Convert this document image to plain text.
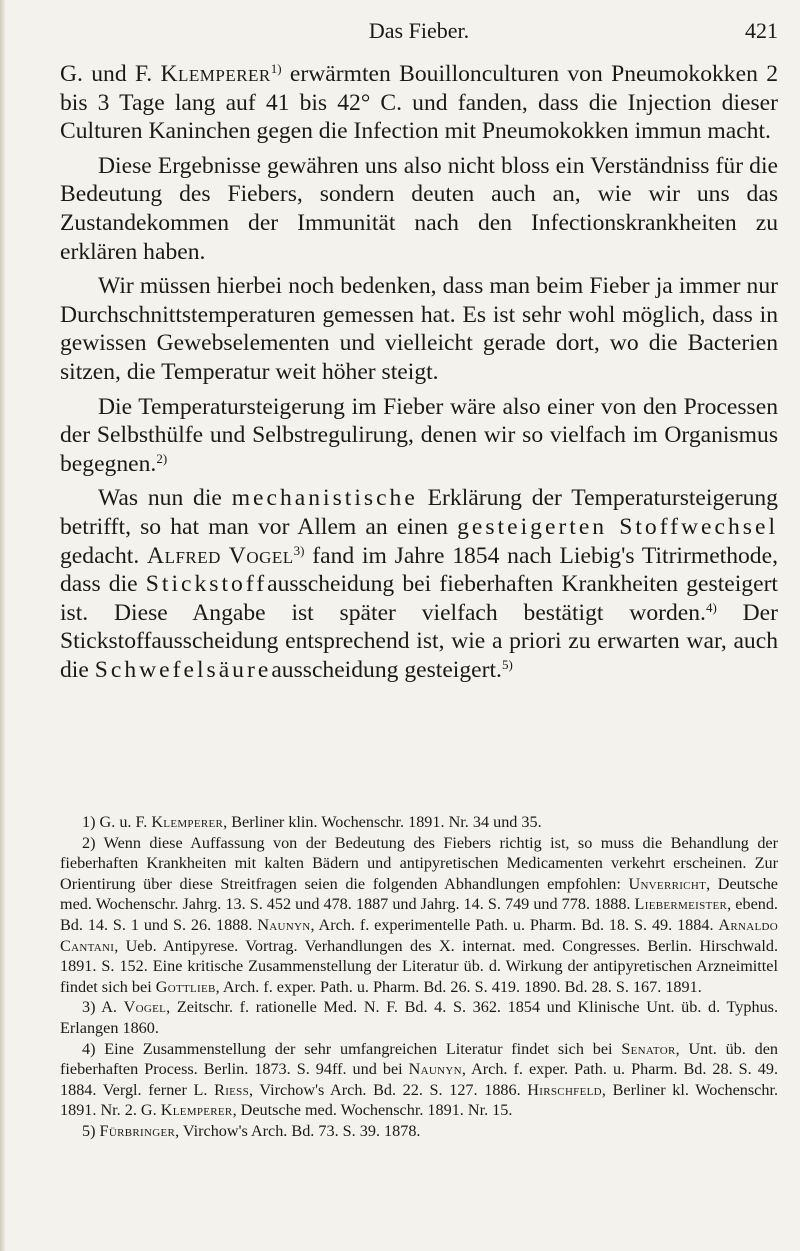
Das Fieber.	421

G. und F. Klemperer$^{1)}$ erwärmten Bouillonculturen von Pneumokokken 2 bis 3 Tage lang auf 41 bis 42° C. und fanden, dass die Injection dieser Culturen Kaninchen gegen die Infection mit Pneumokokken immun macht.

Diese Ergebnisse gewähren uns also nicht bloss ein Verständniss für die Bedeutung des Fiebers, sondern deuten auch an, wie wir uns das Zustandekommen der Immunität nach den Infectionskrankheiten zu erklären haben.

Wir müssen hierbei noch bedenken, dass man beim Fieber ja immer nur Durchschnittstemperaturen gemessen hat. Es ist sehr wohl möglich, dass in gewissen Gewebselementen und vielleicht gerade dort, wo die Bacterien sitzen, die Temperatur weit höher steigt.

Die Temperatursteigerung im Fieber wäre also einer von den Processen der Selbsthülfe und Selbstregulirung, denen wir so vielfach im Organismus begegnen.$^{2)}$

Was nun die mechanistische Erklärung der Temperatursteigerung betrifft, so hat man vor Allem an einen gesteigerten Stoffwechsel gedacht. Alfred Vogel$^{3)}$ fand im Jahre 1854 nach Liebig's Titrirmethode, dass die Stickstoffausscheidung bei fieberhaften Krankheiten gesteigert ist. Diese Angabe ist später vielfach bestätigt worden.$^{4)}$ Der Stickstoffausscheidung entsprechend ist, wie a priori zu erwarten war, auch die Schwefelsäureausscheidung gesteigert.$^{5)}$

1) G. u. F. Klemperer, Berliner klin. Wochenschr. 1891. Nr. 34 und 35.

2) Wenn diese Auffassung von der Bedeutung des Fiebers richtig ist, so muss die Behandlung der fieberhaften Krankheiten mit kalten Bädern und antipyretischen Medicamenten verkehrt erscheinen. Zur Orientirung über diese Streitfragen seien die folgenden Abhandlungen empfohlen: Unverricht, Deutsche med. Wochenschr. Jahrg. 13. S. 452 und 478. 1887 und Jahrg. 14. S. 749 und 778. 1888. Liebermeister, ebend. Bd. 14. S. 1 und S. 26. 1888. Naunyn, Arch. f. experimentelle Path. u. Pharm. Bd. 18. S. 49. 1884. Arnaldo Cantani, Ueb. Antipyrese. Vortrag. Verhandlungen des X. internat. med. Congresses. Berlin. Hirschwald. 1891. S. 152. Eine kritische Zusammenstellung der Literatur üb. d. Wirkung der antipyretischen Arzneimittel findet sich bei Gottlieb, Arch. f. exper. Path. u. Pharm. Bd. 26. S. 419. 1890. Bd. 28. S. 167. 1891.

3) A. Vogel, Zeitschr. f. rationelle Med. N. F. Bd. 4. S. 362. 1854 und Klinische Unt. üb. d. Typhus. Erlangen 1860.

4) Eine Zusammenstellung der sehr umfangreichen Literatur findet sich bei Senator, Unt. üb. den fieberhaften Process. Berlin. 1873. S. 94ff. und bei Naunyn, Arch. f. exper. Path. u. Pharm. Bd. 28. S. 49. 1884. Vergl. ferner L. Riess, Virchow's Arch. Bd. 22. S. 127. 1886. Hirschfeld, Berliner kl. Wochenschr. 1891. Nr. 2. G. Klemperer, Deutsche med. Wochenschr. 1891. Nr. 15.

5) Fürbringer, Virchow's Arch. Bd. 73. S. 39. 1878.
